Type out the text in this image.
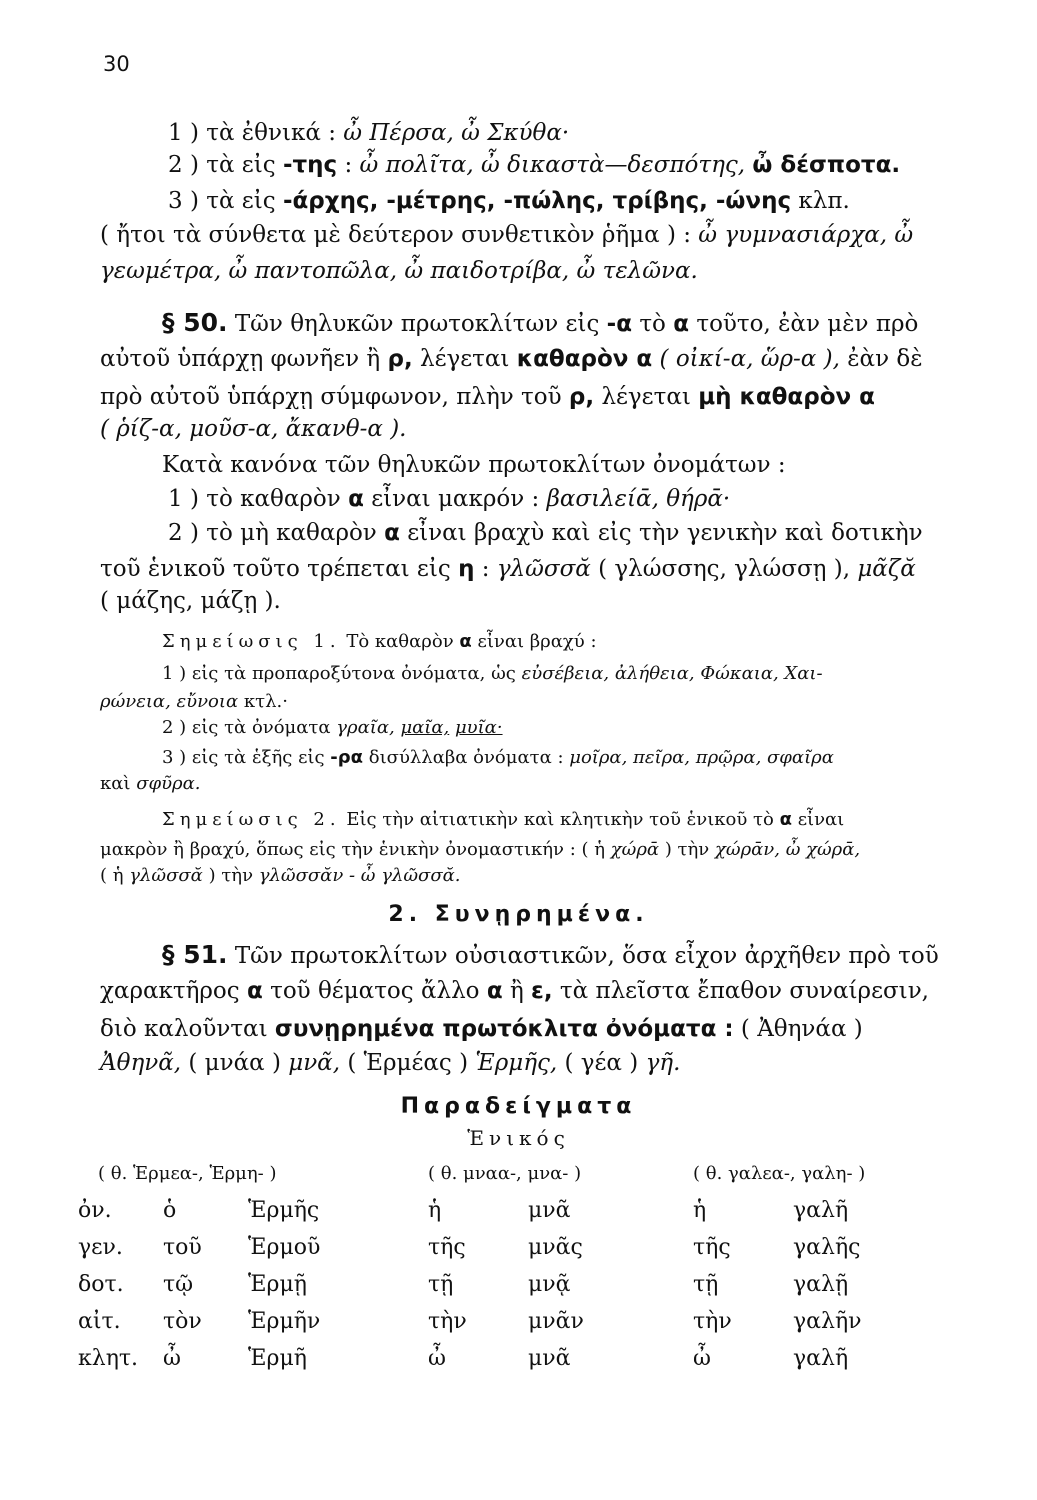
30
1 ) τὰ ἐθνικά : ὦ Πέρσα, ὦ Σκύθα·
2 ) τὰ εἰς -της : ὦ πολῖτα, ὦ δικαστὰ—δεσπότης, ὦ δέσποτα.
3 ) τὰ εἰς -άρχης, -μέτρης, -πώλης, τρίβης, -ώνης κλπ.
( ἤτοι τὰ σύνθετα μὲ δεύτερον συνθετικὸν ῥῆμα ) : ὦ γυμνασιάρχα, ὦ
γεωμέτρα, ὦ παντοπῶλα, ὦ παιδοτρίβα, ὦ τελῶνα.
§ 50. Τῶν θηλυκῶν πρωτοκλίτων εἰς -α τὸ α τοῦτο, ἐὰν μὲν πρὸ
αὐτοῦ ὑπάρχῃ φωνῆεν ἢ ρ, λέγεται καθαρὸν α ( οἰκί-α, ὥρ-α ), ἐὰν δὲ
πρὸ αὐτοῦ ὑπάρχῃ σύμφωνον, πλὴν τοῦ ρ, λέγεται μὴ καθαρὸν α
( ῥίζ-α, μοῦσ-α, ἄκανθ-α ).
Κατὰ κανόνα τῶν θηλυκῶν πρωτοκλίτων ὀνομάτων :
1 ) τὸ καθαρὸν α εἶναι μακρόν : βασιλείᾱ, θήρᾱ·
2 ) τὸ μὴ καθαρὸν α εἶναι βραχὺ καὶ εἰς τὴν γενικὴν καὶ δοτικὴν
τοῦ ἑνικοῦ τοῦτο τρέπεται εἰς η : γλῶσσᾰ ( γλώσσης, γλώσσῃ ), μᾶζᾰ
( μάζης, μάζῃ ).
Σημείωσις 1. Τὸ καθαρὸν α εἶναι βραχύ :
1 ) εἰς τὰ προπαροξύτονα ὀνόματα, ὡς εὐσέβεια, ἀλήθεια, Φώκαια, Χαι-
ρώνεια, εὔνοια κτλ.·
2 ) εἰς τὰ ὀνόματα γραῖα, μαῖα, μυῖα·
3 ) εἰς τὰ ἑξῆς εἰς -ρα δισύλλαβα ὀνόματα : μοῖρα, πεῖρα, πρῷρα, σφαῖρα
καὶ σφῦρα.
Σημείωσις 2. Εἰς τὴν αἰτιατικὴν καὶ κλητικὴν τοῦ ἑνικοῦ τὸ α εἶναι
μακρὸν ἢ βραχύ, ὅπως εἰς τὴν ἑνικὴν ὀνομαστικήν : ( ἡ χώρᾱ ) τὴν χώρᾱν, ὦ χώρᾱ,
( ἡ γλῶσσᾰ ) τὴν γλῶσσᾰν - ὦ γλῶσσᾰ.
2. Συνῃρημένα.
§ 51. Τῶν πρωτοκλίτων οὐσιαστικῶν, ὅσα εἶχον ἀρχῆθεν πρὸ τοῦ
χαρακτῆρος α τοῦ θέματος ἄλλο α ἢ ε, τὰ πλεῖστα ἔπαθον συναίρεσιν,
διὸ καλοῦνται συνῃρημένα πρωτόκλιτα ὀνόματα : ( Ἀθηνάα )
Ἀθηνᾶ, ( μνάα ) μνᾶ, ( Ἑρμέας ) Ἑρμῆς, ( γέα ) γῆ.
Παραδείγματα
Ἑνικός
( θ. Ἑρμεα-, Ἑρμη- )			( θ. μναα-, μνα- )		( θ. γαλεα-, γαλη- )	
ὀν.	ὁ	Ἑρμῆς	ἡ	μνᾶ	ἡ	γαλῆ
γεν.	τοῦ	Ἑρμοῦ	τῆς	μνᾶς	τῆς	γαλῆς
δοτ.	τῷ	Ἑρμῇ	τῇ	μνᾷ	τῇ	γαλῇ
αἰτ.	τὸν	Ἑρμῆν	τὴν	μνᾶν	τὴν	γαλῆν
κλητ.	ὦ	Ἑρμῆ	ὦ	μνᾶ	ὦ	γαλῆ
